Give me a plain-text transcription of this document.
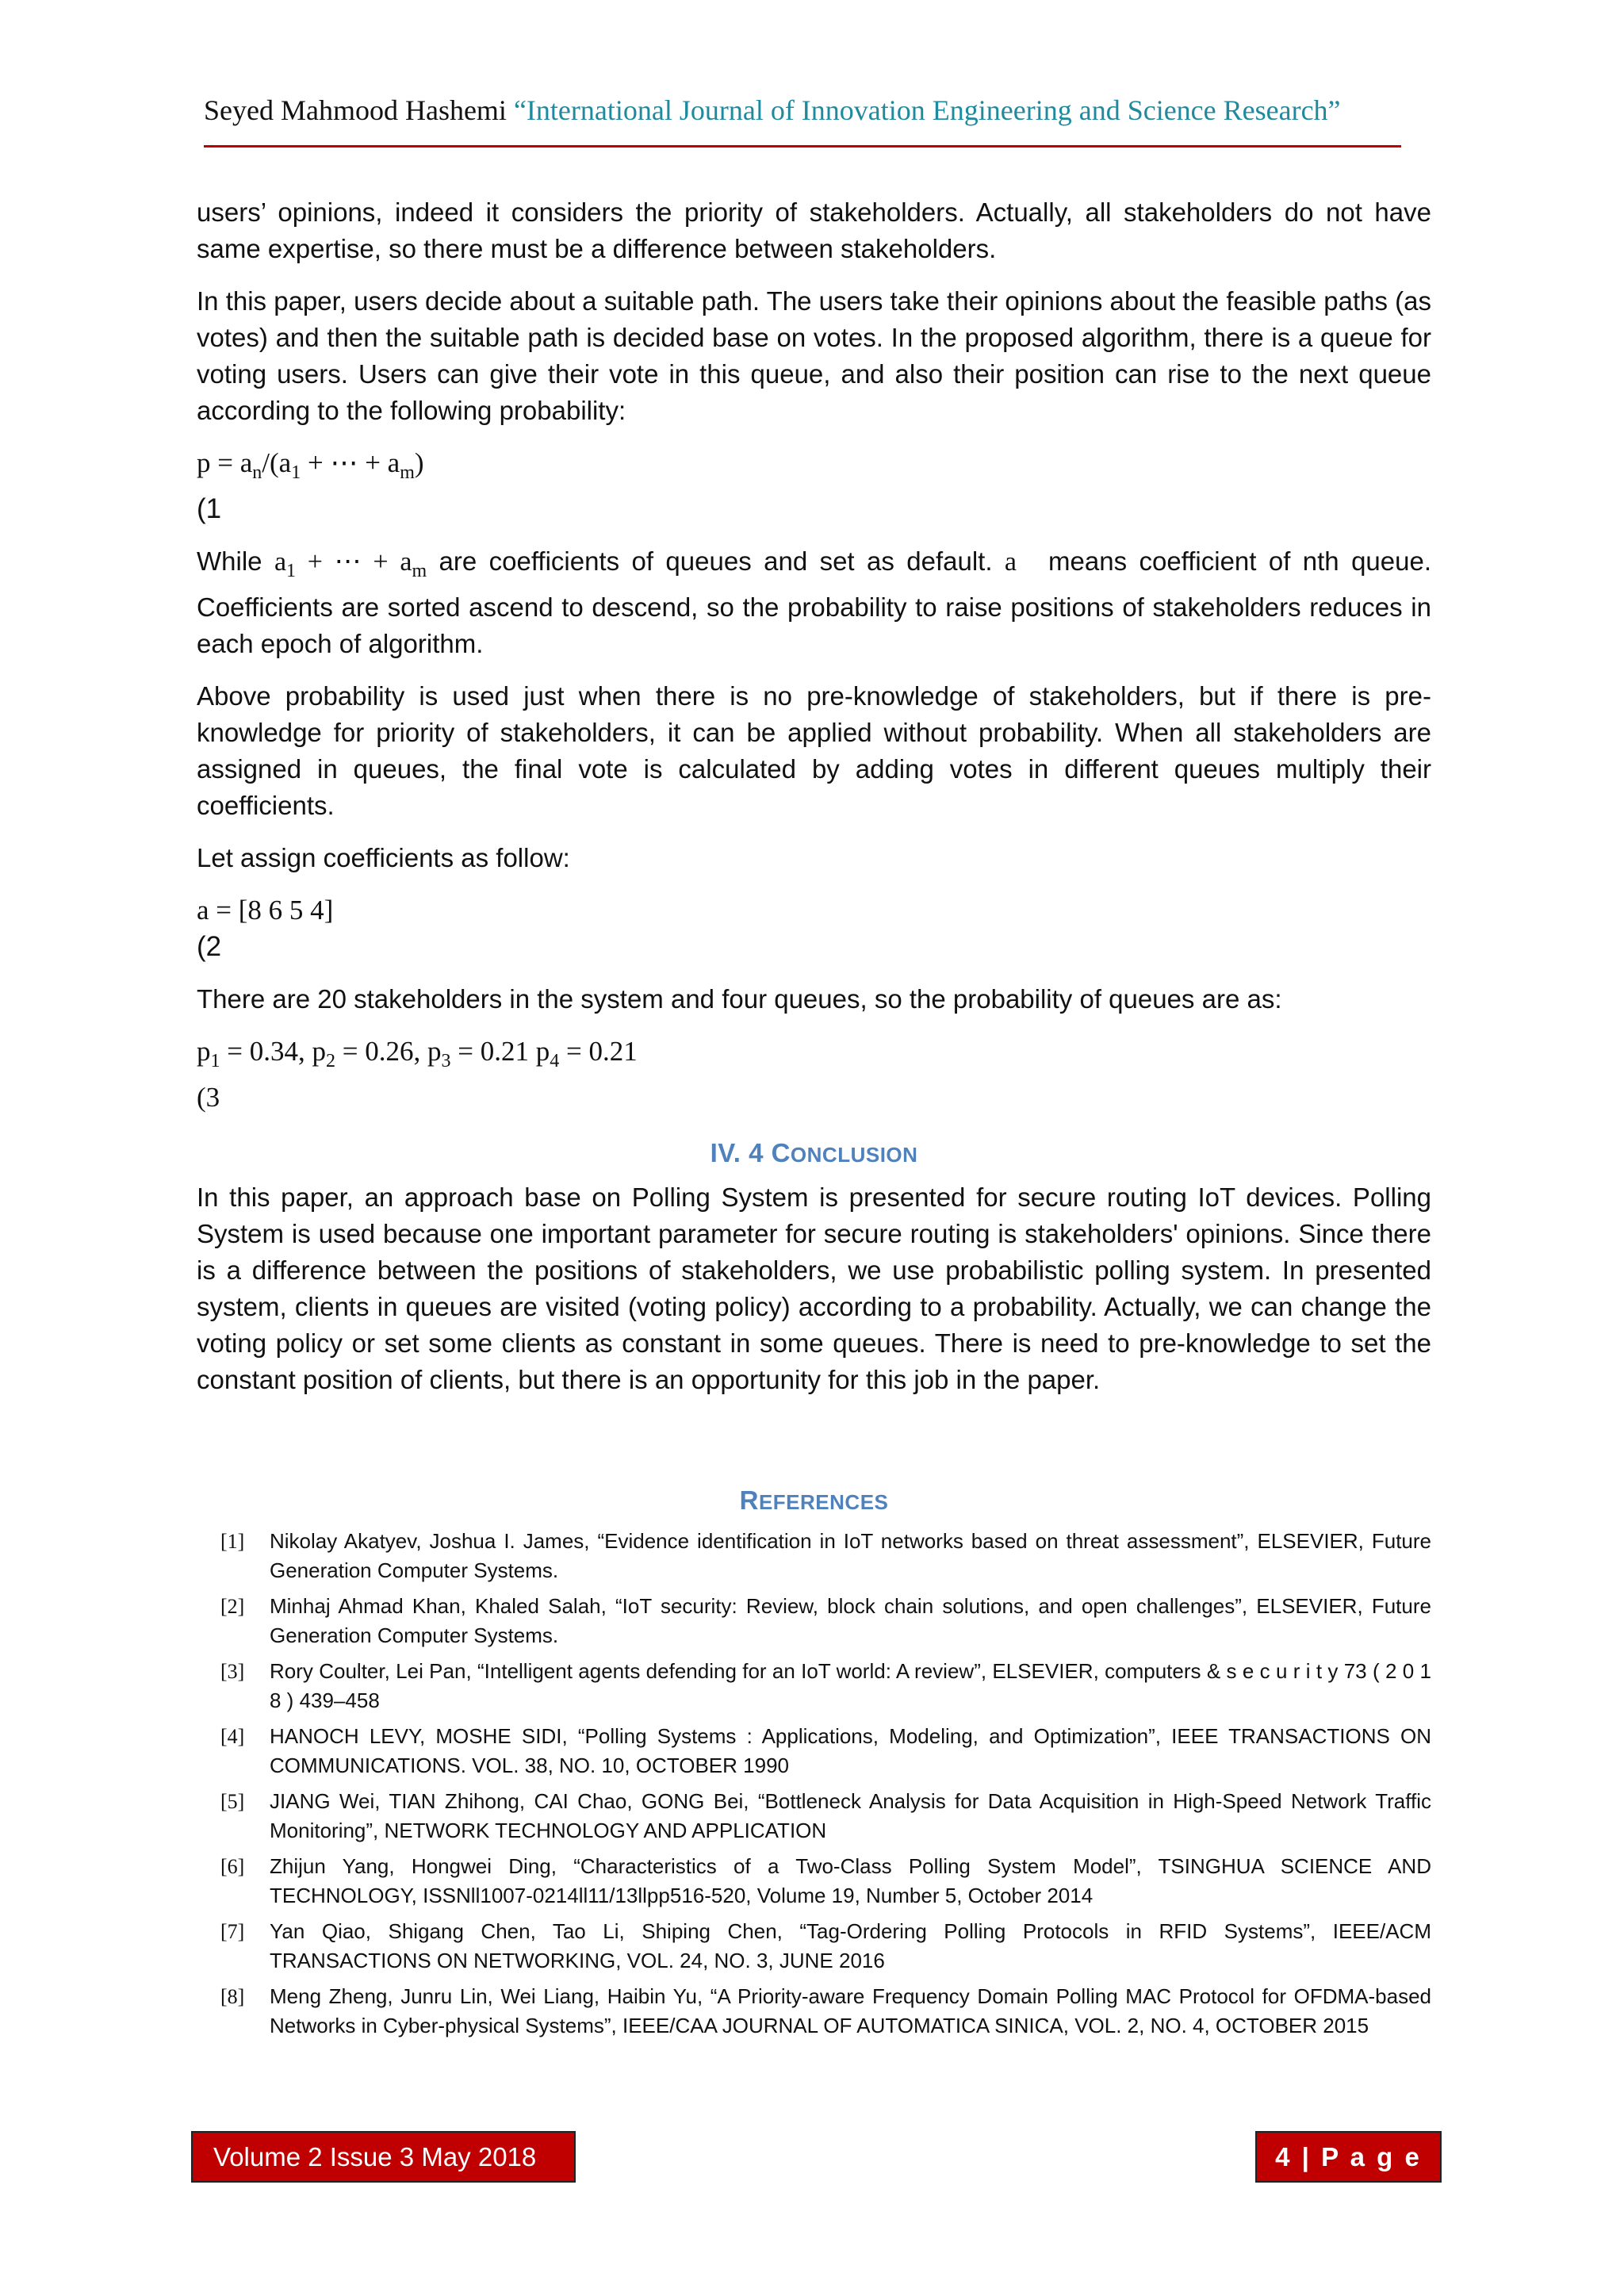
Seyed Mahmood Hashemi “International Journal of Innovation Engineering and Science Research”

users’ opinions, indeed it considers the priority of stakeholders. Actually, all stakeholders do not have same expertise, so there must be a difference between stakeholders.

In this paper, users decide about a suitable path. The users take their opinions about the feasible paths (as votes) and then the suitable path is decided base on votes. In the proposed algorithm, there is a queue for voting users. Users can give their vote in this queue, and also their position can rise to the next queue according to the following probability:

$p = a_n/(a_1$ + ⋯ + $a_m$)
(1

While $a_1$ + ⋯ + $a_m$ are coefficients of queues and set as default. a means coefficient of nth queue. Coefficients are sorted ascend to descend, so the probability to raise positions of stakeholders reduces in each epoch of algorithm.

Above probability is used just when there is no pre-knowledge of stakeholders, but if there is pre-knowledge for priority of stakeholders, it can be applied without probability. When all stakeholders are assigned in queues, the final vote is calculated by adding votes in different queues multiply their coefficients.

Let assign coefficients as follow:

a = [8 6 5 4]
(2

There are 20 stakeholders in the system and four queues, so the probability of queues are as:

$p_1 = 0.34$, $p_2 = 0.26$, $p_3 = 0.21$ $p_4 = 0.21$
(3
IV. 4 CONCLUSION

In this paper, an approach base on Polling System is presented for secure routing IoT devices. Polling System is used because one important parameter for secure routing is stakeholders' opinions. Since there is a difference between the positions of stakeholders, we use probabilistic polling system. In presented system, clients in queues are visited (voting policy) according to a probability. Actually, we can change the voting policy or set some clients as constant in some queues. There is need to pre-knowledge to set the constant position of clients, but there is an opportunity for this job in the paper.

REFERENCES
[1]	Nikolay Akatyev, Joshua I. James, “Evidence identification in IoT networks based on threat assessment”, ELSEVIER, Future Generation Computer Systems.
[2]	Minhaj Ahmad Khan, Khaled Salah, “IoT security: Review, block chain solutions, and open challenges”, ELSEVIER, Future Generation Computer Systems.
[3]	Rory Coulter, Lei Pan, “Intelligent agents defending for an IoT world: A review”, ELSEVIER, computers & s e c u r i t y 73 ( 2 0 1 8 ) 439–458
[4]	HANOCH LEVY, MOSHE SIDI, “Polling Systems : Applications, Modeling, and Optimization”, IEEE TRANSACTIONS ON COMMUNICATIONS. VOL. 38, NO. 10, OCTOBER 1990
[5]	JIANG Wei, TIAN Zhihong, CAI Chao, GONG Bei, “Bottleneck Analysis for Data Acquisition in High-Speed Network Traffic Monitoring”, NETWORK TECHNOLOGY AND APPLICATION
[6]	Zhijun Yang, Hongwei Ding, “Characteristics of a Two-Class Polling System Model”, TSINGHUA SCIENCE AND TECHNOLOGY, ISSNll1007-0214ll11/13llpp516-520, Volume 19, Number 5, October 2014
[7]	Yan Qiao, Shigang Chen, Tao Li, Shiping Chen, “Tag-Ordering Polling Protocols in RFID Systems”, IEEE/ACM TRANSACTIONS ON NETWORKING, VOL. 24, NO. 3, JUNE 2016
[8]	Meng Zheng, Junru Lin, Wei Liang, Haibin Yu, “A Priority-aware Frequency Domain Polling MAC Protocol for OFDMA-based Networks in Cyber-physical Systems”, IEEE/CAA JOURNAL OF AUTOMATICA SINICA, VOL. 2, NO. 4, OCTOBER 2015
Volume 2 Issue 3 May 2018	4 | P a g e
